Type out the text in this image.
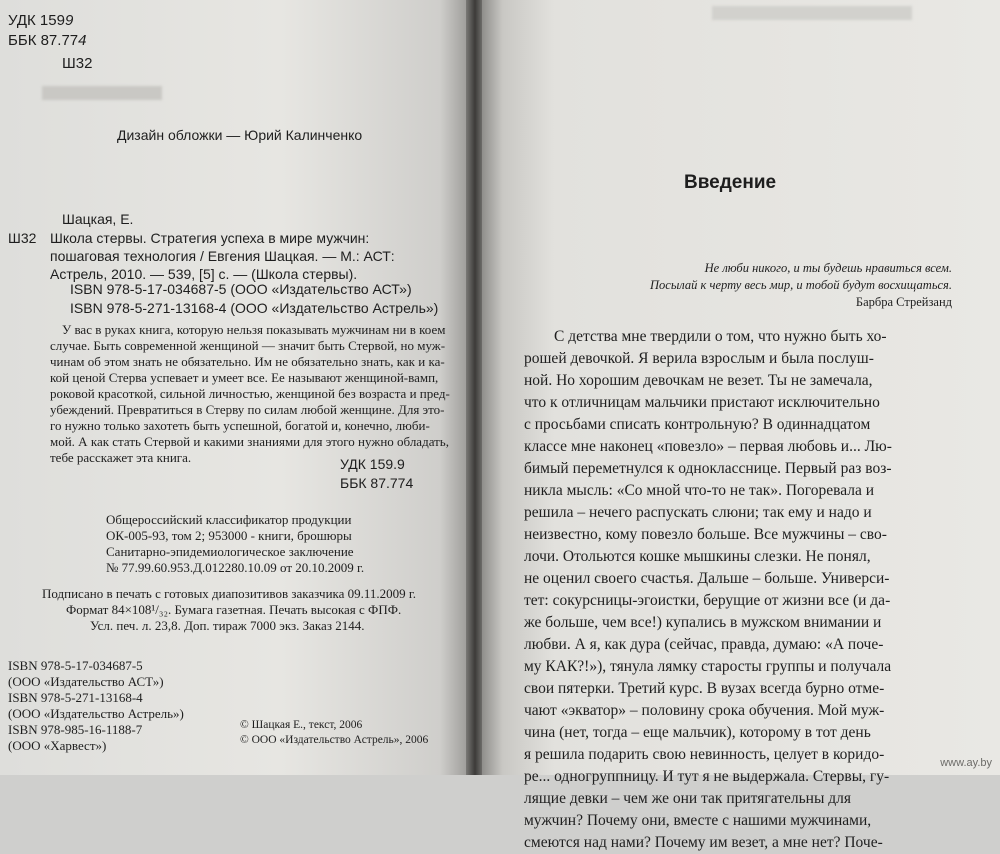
УДК 1599
ББК 87.774
Ш32
Дизайн обложки — Юрий Калинченко
Шацкая, Е.
Ш32 Школа стервы. Стратегия успеха в мире мужчин:
пошаговая технология / Евгения Шацкая. — М.: АСТ:
Астрель, 2010. — 539, [5] с. — (Школа стервы).
ISBN 978-5-17-034687-5 (ООО «Издательство АСТ»)
ISBN 978-5-271-13168-4 (ООО «Издательство Астрель»)
У вас в руках книга, которую нельзя показывать мужчинам ни в коем
случае. Быть современной женщиной — значит быть Стервой, но муж-
чинам об этом знать не обязательно. Им не обязательно знать, как и ка-
кой ценой Стерва успевает и умеет все. Ее называют женщиной-вамп,
роковой красоткой, сильной личностью, женщиной без возраста и пред-
убеждений. Превратиться в Стерву по силам любой женщине. Для это-
го нужно только захотеть быть успешной, богатой и, конечно, люби-
мой. А как стать Стервой и какими знаниями для этого нужно обладать,
тебе расскажет эта книга.	УДК 159.9
ББК 87.774
Общероссийский классификатор продукции
ОК-005-93, том 2; 953000 - книги, брошюры
Санитарно-эпидемиологическое заключение
№ 77.99.60.953.Д.012280.10.09 от 20.10.2009 г.
Подписано в печать с готовых диапозитивов заказчика 09.11.2009 г.
Формат 84×108¹/₃₂. Бумага газетная. Печать высокая с ФПФ.
Усл. печ. л. 23,8. Доп. тираж 7000 экз. Заказ 2144.
ISBN 978-5-17-034687-5
(ООО «Издательство АСТ»)
ISBN 978-5-271-13168-4
(ООО «Издательство Астрель»)
ISBN 978-985-16-1188-7
(ООО «Харвест»)
© Шацкая Е., текст, 2006
© ООО «Издательство Астрель», 2006
Введение
Не люби никого, и ты будешь нравиться всем.
Посылай к черту весь мир, и тобой будут восхищаться.
Барбра Стрейзанд
С детства мне твердили о том, что нужно быть хо-
рошей девочкой. Я верила взрослым и была послуш-
ной. Но хорошим девочкам не везет. Ты не замечала,
что к отличницам мальчики пристают исключительно
с просьбами списать контрольную? В одиннадцатом
классе мне наконец «повезло» – первая любовь и... Лю-
бимый переметнулся к однокласснице. Первый раз воз-
никла мысль: «Со мной что-то не так». Погоревала и
решила – нечего распускать слюни; так ему и надо и
неизвестно, кому повезло больше. Все мужчины – сво-
лочи. Отольются кошке мышкины слезки. Не понял,
не оценил своего счастья. Дальше – больше. Универси-
тет: сокурсницы-эгоистки, берущие от жизни все (и да-
же больше, чем все!) купались в мужском внимании и
любви. А я, как дура (сейчас, правда, думаю: «А поче-
му КАК?!»), тянула лямку старосты группы и получала
свои пятерки. Третий курс. В вузах всегда бурно отме-
чают «экватор» – половину срока обучения. Мой муж-
чина (нет, тогда – еще мальчик), которому в тот день
я решила подарить свою невинность, целует в коридо-
ре... одногруппницу. И тут я не выдержала. Стервы, гу-
лящие девки – чем же они так притягательны для
мужчин? Почему они, вместе с нашими мужчинами,
смеются над нами? Почему им везет, а мне нет? Поче-
www.ay.by
